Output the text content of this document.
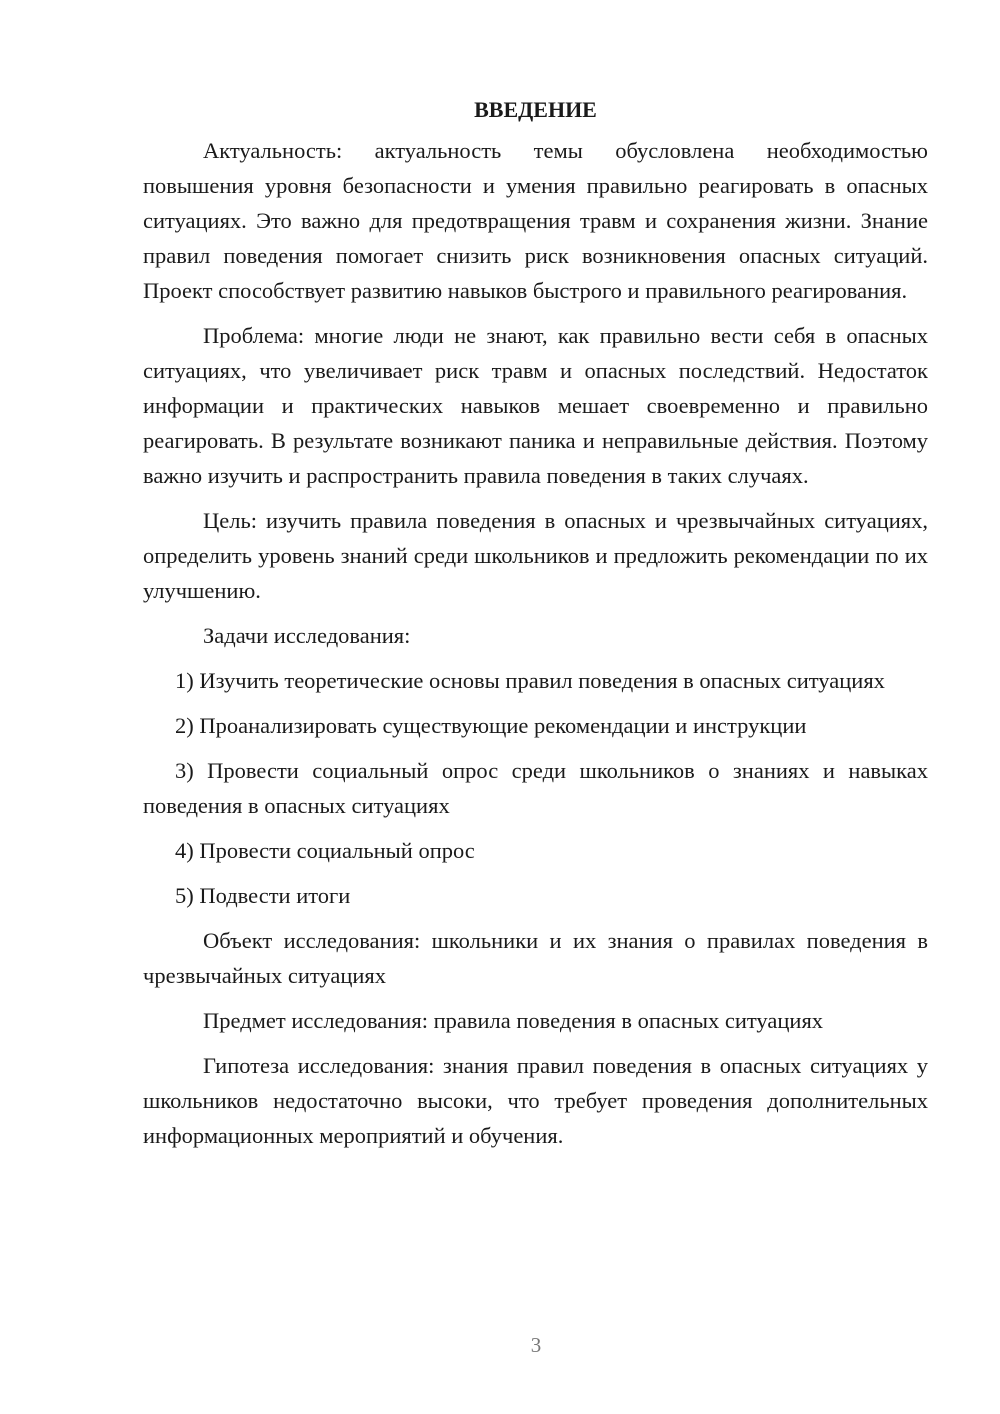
ВВЕДЕНИЕ

Актуальность: актуальность темы обусловлена необходимостью повышения уровня безопасности и умения правильно реагировать в опасных ситуациях. Это важно для предотвращения травм и сохранения жизни. Знание правил поведения помогает снизить риск возникновения опасных ситуаций. Проект способствует развитию навыков быстрого и правильного реагирования.

Проблема: многие люди не знают, как правильно вести себя в опасных ситуациях, что увеличивает риск травм и опасных последствий. Недостаток информации и практических навыков мешает своевременно и правильно реагировать. В результате возникают паника и неправильные действия. Поэтому важно изучить и распространить правила поведения в таких случаях.

Цель: изучить правила поведения в опасных и чрезвычайных ситуациях, определить уровень знаний среди школьников и предложить рекомендации по их улучшению.

Задачи исследования:

1) Изучить теоретические основы правил поведения в опасных ситуациях

2) Проанализировать существующие рекомендации и инструкции

3) Провести социальный опрос среди школьников о знаниях и навыках поведения в опасных ситуациях

4) Провести социальный опрос

5) Подвести итоги

Объект исследования: школьники и их знания о правилах поведения в чрезвычайных ситуациях

Предмет исследования: правила поведения в опасных ситуациях

Гипотеза исследования: знания правил поведения в опасных ситуациях у школьников недостаточно высоки, что требует проведения дополнительных информационных мероприятий и обучения.

3
